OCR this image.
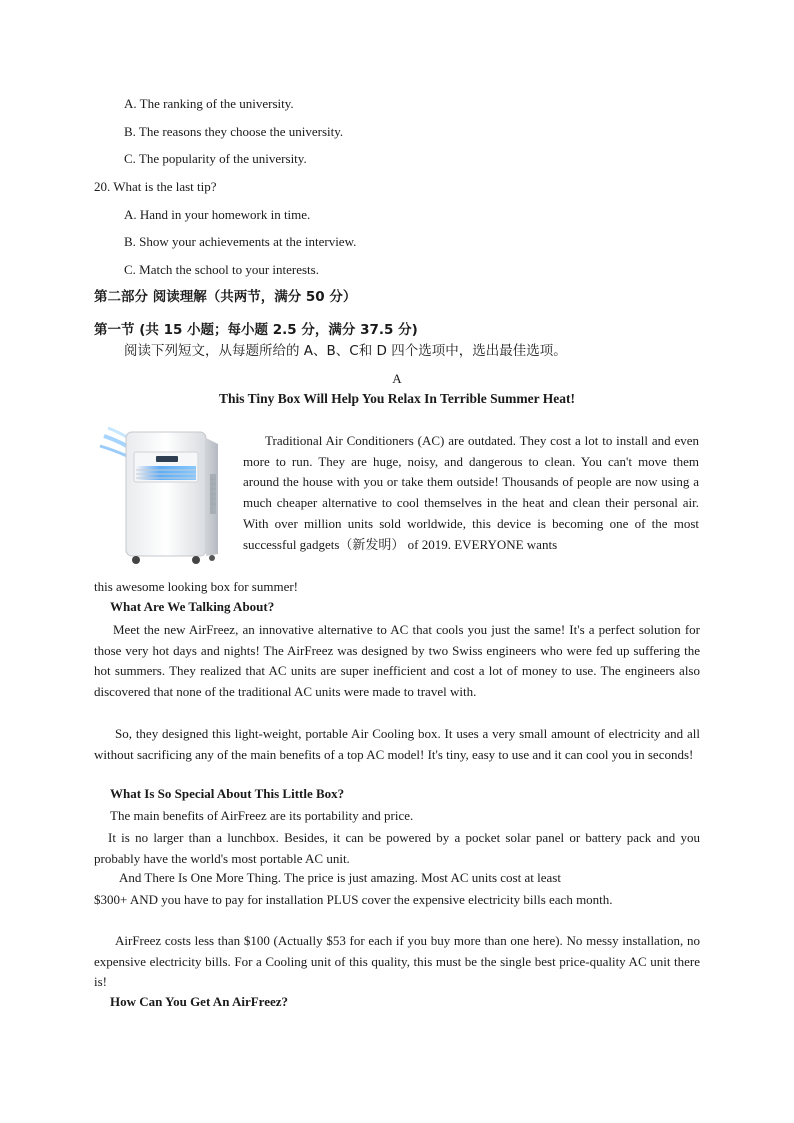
A. The ranking of the university.
B. The reasons they choose the university.
C. The popularity of the university.
20. What is the last tip?
A. Hand in your homework in time.
B. Show your achievements at the interview.
C. Match the school to your interests.
第二部分 阅读理解（共两节，满分 50 分）
第一节 (共 15 小题；每小题 2.5 分，满分 37.5 分)
阅读下列短文，从每题所给的 A、B、C和 D 四个选项中，选出最佳选项。
A
This Tiny Box Will Help You Relax In Terrible Summer Heat!
Traditional Air Conditioners (AC) are outdated. They cost a lot to install and even more to run. They are huge, noisy, and dangerous to clean. You can't move them around the house with you or take them outside! Thousands of people are now using a much cheaper alternative to cool themselves in the heat and clean their personal air. With over million units sold worldwide, this device is becoming one of the most successful gadgets（新发明） of 2019. EVERYONE wants
this awesome looking box for summer!
What Are We Talking About?
Meet the new AirFreez, an innovative alternative to AC that cools you just the same! It's a perfect solution for those very hot days and nights! The AirFreez was designed by two Swiss engineers who were fed up suffering the hot summers. They realized that AC units are super inefficient and cost a lot of money to use. The engineers also discovered that none of the traditional AC units were made to travel with.
So, they designed this light-weight, portable Air Cooling box. It uses a very small amount of electricity and all without sacrificing any of the main benefits of a top AC model! It's tiny, easy to use and it can cool you in seconds!
What Is So Special About This Little Box?
The main benefits of AirFreez are its portability and price.
It is no larger than a lunchbox. Besides, it can be powered by a pocket solar panel or battery pack and you probably have the world's most portable AC unit.
And There Is One More Thing. The price is just amazing. Most AC units cost at least
$300+ AND you have to pay for installation PLUS cover the expensive electricity bills each month.
AirFreez costs less than $100 (Actually $53 for each if you buy more than one here). No messy installation, no expensive electricity bills. For a Cooling unit of this quality, this must be the single best price-quality AC unit there is!
How Can You Get An AirFreez?
